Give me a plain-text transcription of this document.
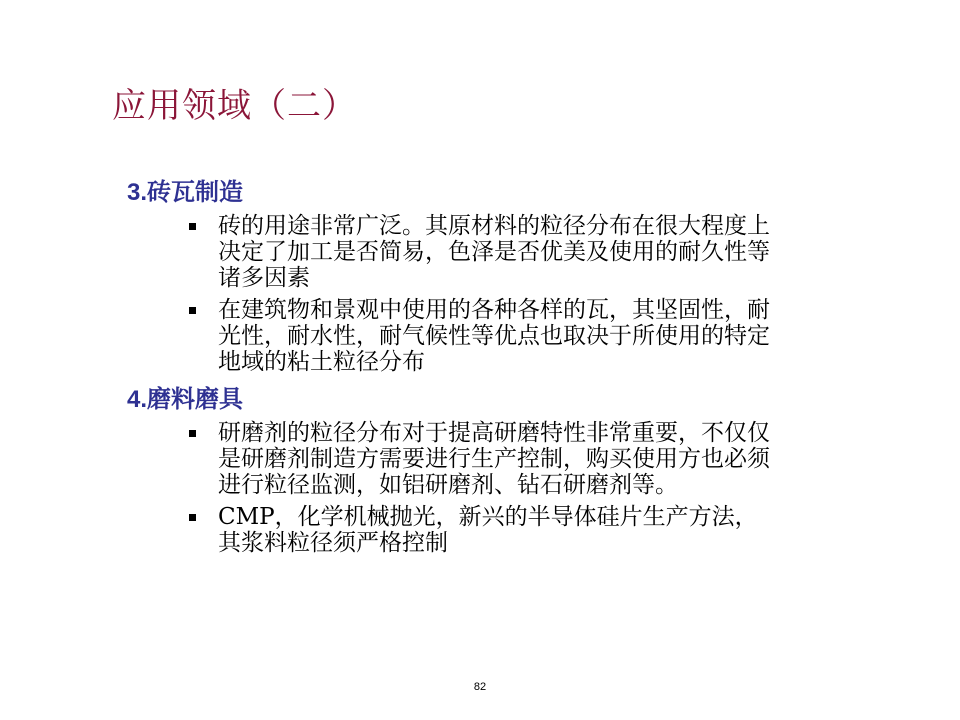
应用领域（二）
3.砖瓦制造
砖的用途非常广泛。其原材料的粒径分布在很大程度上决定了加工是否简易，色泽是否优美及使用的耐久性等诸多因素
在建筑物和景观中使用的各种各样的瓦，其坚固性，耐光性，耐水性，耐气候性等优点也取决于所使用的特定地域的粘土粒径分布
4.磨料磨具
研磨剂的粒径分布对于提高研磨特性非常重要，不仅仅是研磨剂制造方需要进行生产控制，购买使用方也必须进行粒径监测，如铝研磨剂、钻石研磨剂等。
CMP，化学机械抛光，新兴的半导体硅片生产方法，其浆料粒径须严格控制
82
